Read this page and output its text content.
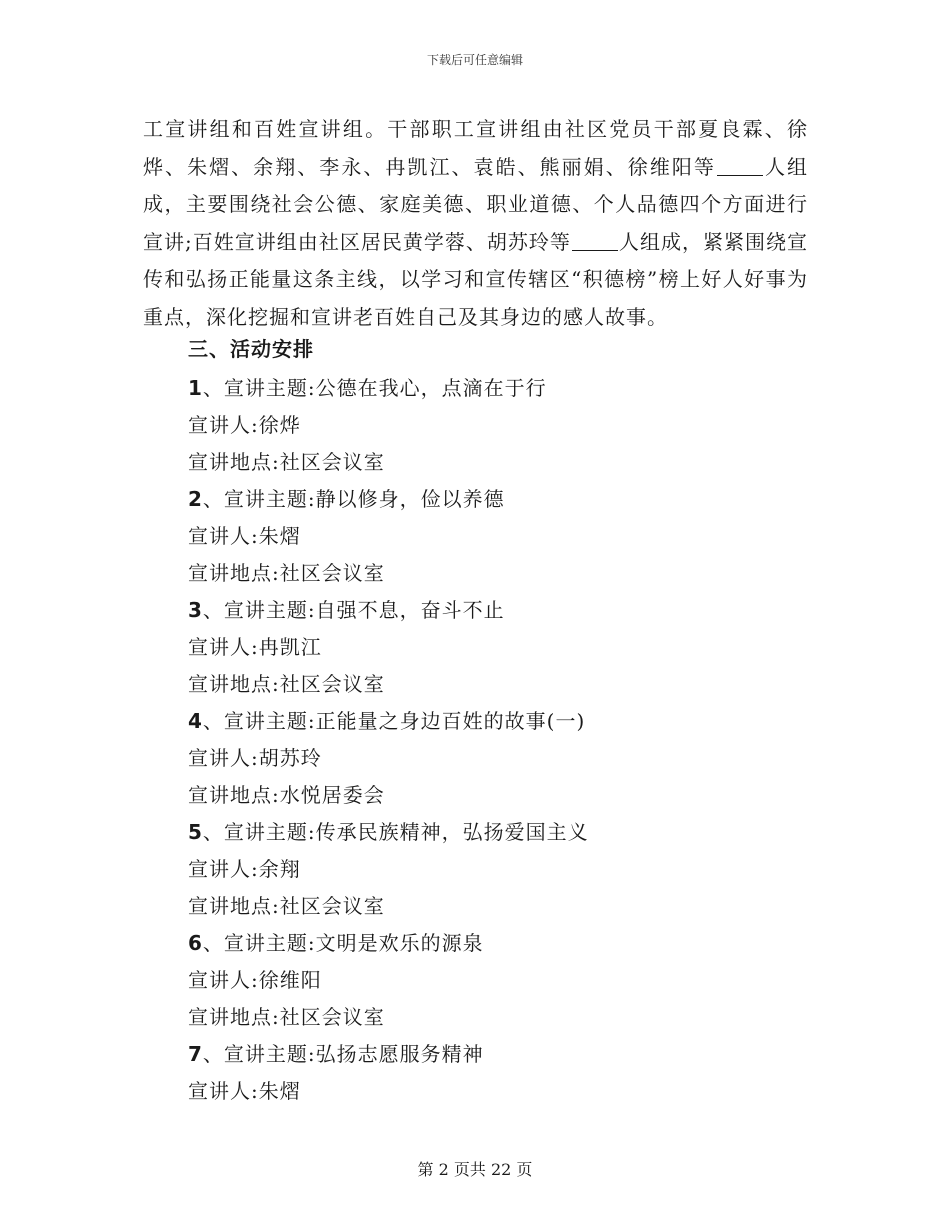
下载后可任意编辑

工宣讲组和百姓宣讲组。干部职工宣讲组由社区党员干部夏良霖、徐烨、朱熠、余翔、李永、冉凯江、袁皓、熊丽娟、徐维阳等 人组成，主要围绕社会公德、家庭美德、职业道德、个人品德四个方面进行宣讲;百姓宣讲组由社区居民黄学蓉、胡苏玲等 人组成，紧紧围绕宣传和弘扬正能量这条主线，以学习和宣传辖区“积德榜”榜上好人好事为重点，深化挖掘和宣讲老百姓自己及其身边的感人故事。

三、活动安排
1、宣讲主题:公德在我心，点滴在于行
宣讲人:徐烨
宣讲地点:社区会议室
2、宣讲主题:静以修身，俭以养德
宣讲人:朱熠
宣讲地点:社区会议室
3、宣讲主题:自强不息，奋斗不止
宣讲人:冉凯江
宣讲地点:社区会议室
4、宣讲主题:正能量之身边百姓的故事(一)
宣讲人:胡苏玲
宣讲地点:水悦居委会
5、宣讲主题:传承民族精神，弘扬爱国主义
宣讲人:余翔
宣讲地点:社区会议室
6、宣讲主题:文明是欢乐的源泉
宣讲人:徐维阳
宣讲地点:社区会议室
7、宣讲主题:弘扬志愿服务精神
宣讲人:朱熠
第 2 页共 22 页
